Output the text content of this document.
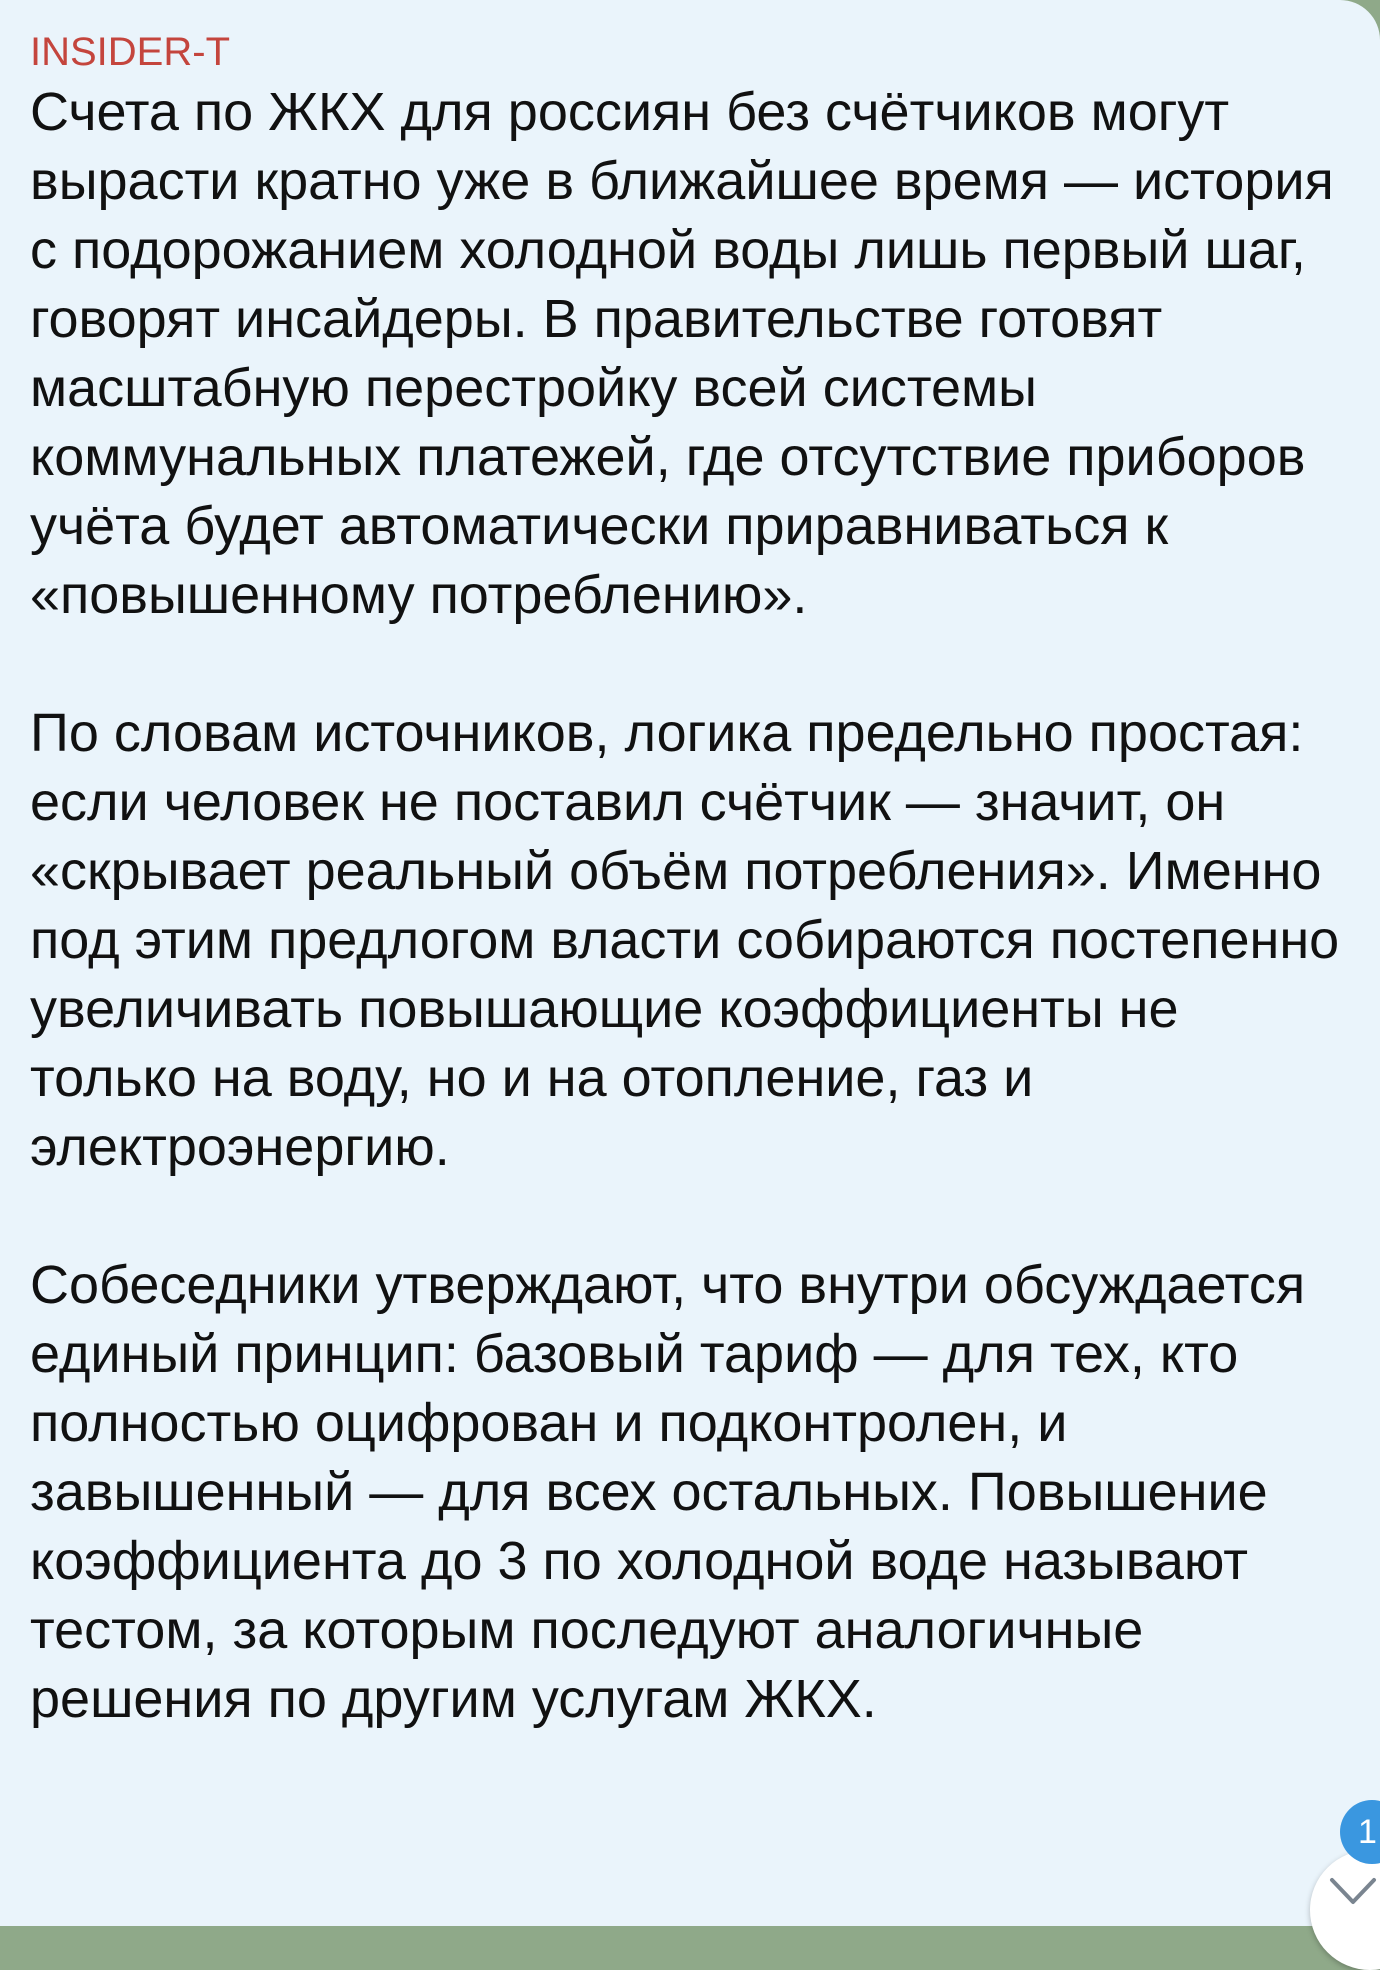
INSIDER-T

Счета по ЖКХ для россиян без счётчиков могут вырасти кратно уже в ближайшее время — история с подорожанием холодной воды лишь первый шаг, говорят инсайдеры. В правительстве готовят масштабную перестройку всей системы коммунальных платежей, где отсутствие приборов учёта будет автоматически приравниваться к «повышенному потреблению».

По словам источников, логика предельно простая: если человек не поставил счётчик — значит, он «скрывает реальный объём потребления». Именно под этим предлогом власти собираются постепенно увеличивать повышающие коэффициенты не только на воду, но и на отопление, газ и электроэнергию.

Собеседники утверждают, что внутри обсуждается единый принцип: базовый тариф — для тех, кто полностью оцифрован и подконтролен, и завышенный — для всех остальных. Повышение коэффициента до 3 по холодной воде называют тестом, за которым последуют аналогичные решения по другим услугам ЖКХ.

1
